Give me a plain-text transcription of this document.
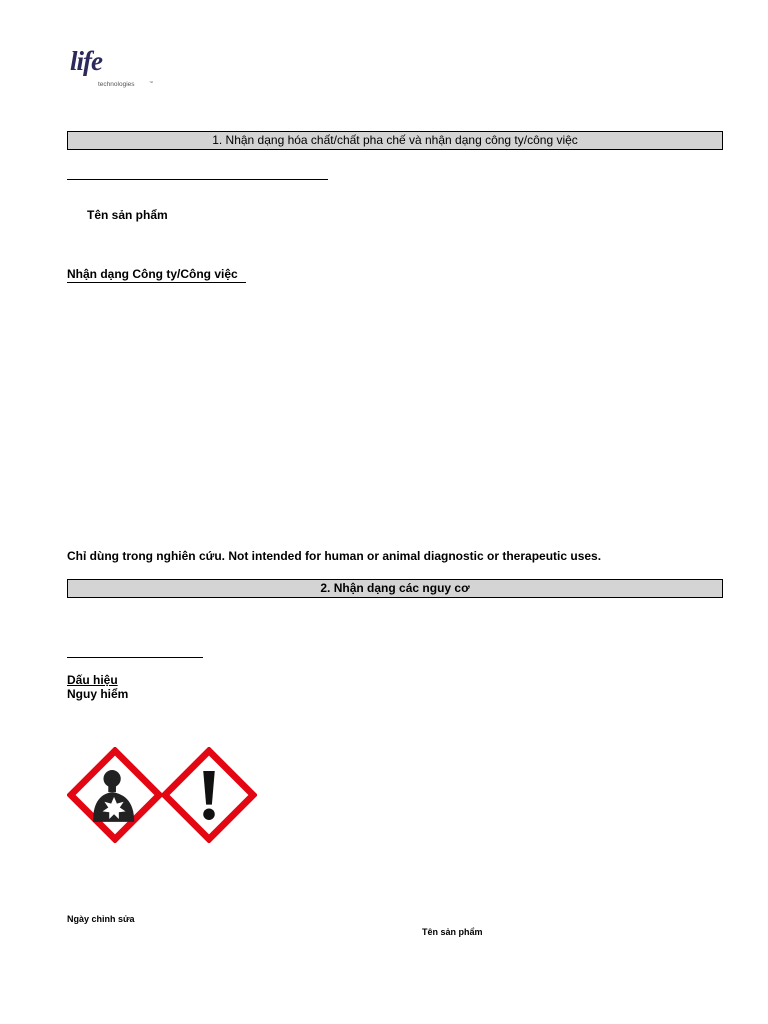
life
technologies	™
1. Nhận dạng hóa chất/chất pha chế và nhận dạng công ty/công việc
Tên sản phẩm
Nhận dạng Công ty/Công việc
Chỉ dùng trong nghiên cứu. Not intended for human or animal diagnostic or therapeutic uses.
2. Nhận dạng các nguy cơ
Dấu hiệu
Nguy hiểm
Ngày chỉnh sửa
Tên sản phẩm
